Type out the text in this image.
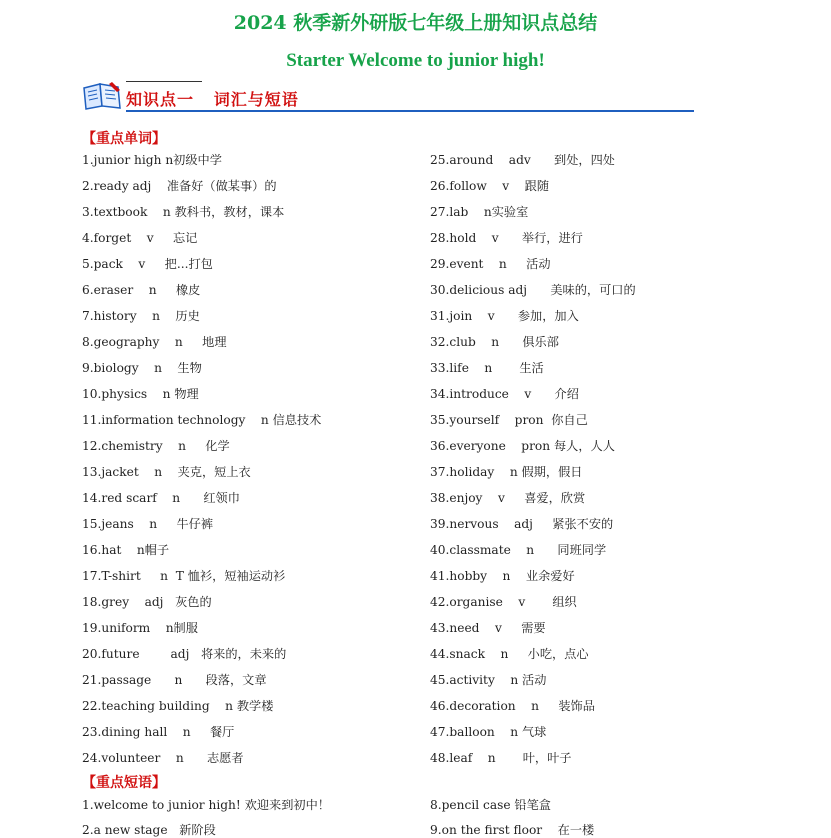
2024 秋季新外研版七年级上册知识点总结
Starter Welcome to junior high!
知识点一   词汇与短语
【重点单词】
1.junior high n初级中学
2.ready adj    准备好（做某事）的
3.textbook    n 教科书，教材，课本
4.forget    v     忘记
5.pack    v     把...打包
6.eraser    n     橡皮
7.history    n    历史
8.geography    n     地理
9.biology    n    生物
10.physics    n 物理
11.information technology    n 信息技术
12.chemistry    n     化学
13.jacket    n    夹克，短上衣
14.red scarf    n      红领巾
15.jeans    n     牛仔裤
16.hat    n帽子
17.T-shirt     n  T 恤衫，短袖运动衫
18.grey    adj   灰色的
19.uniform    n制服
20.future        adj   将来的，未来的
21.passage      n      段落，文章
22.teaching building    n 教学楼
23.dining hall    n     餐厅
24.volunteer    n      志愿者
25.around    adv      到处，四处
26.follow    v    跟随
27.lab    n实验室
28.hold    v      举行，进行
29.event    n     活动
30.delicious adj      美味的，可口的
31.join    v      参加，加入
32.club    n      俱乐部
33.life    n       生活
34.introduce    v      介绍
35.yourself    pron  你自己
36.everyone    pron 每人，人人
37.holiday    n 假期，假日
38.enjoy    v     喜爱，欣赏
39.nervous    adj     紧张不安的
40.classmate    n      同班同学
41.hobby    n    业余爱好
42.organise    v       组织
43.need    v     需要
44.snack    n     小吃，点心
45.activity    n 活动
46.decoration    n     装饰品
47.balloon    n 气球
48.leaf    n       叶，叶子
【重点短语】
1.welcome to junior high! 欢迎来到初中！
2.a new stage   新阶段
8.pencil case 铅笔盒
9.on the first floor    在一楼
